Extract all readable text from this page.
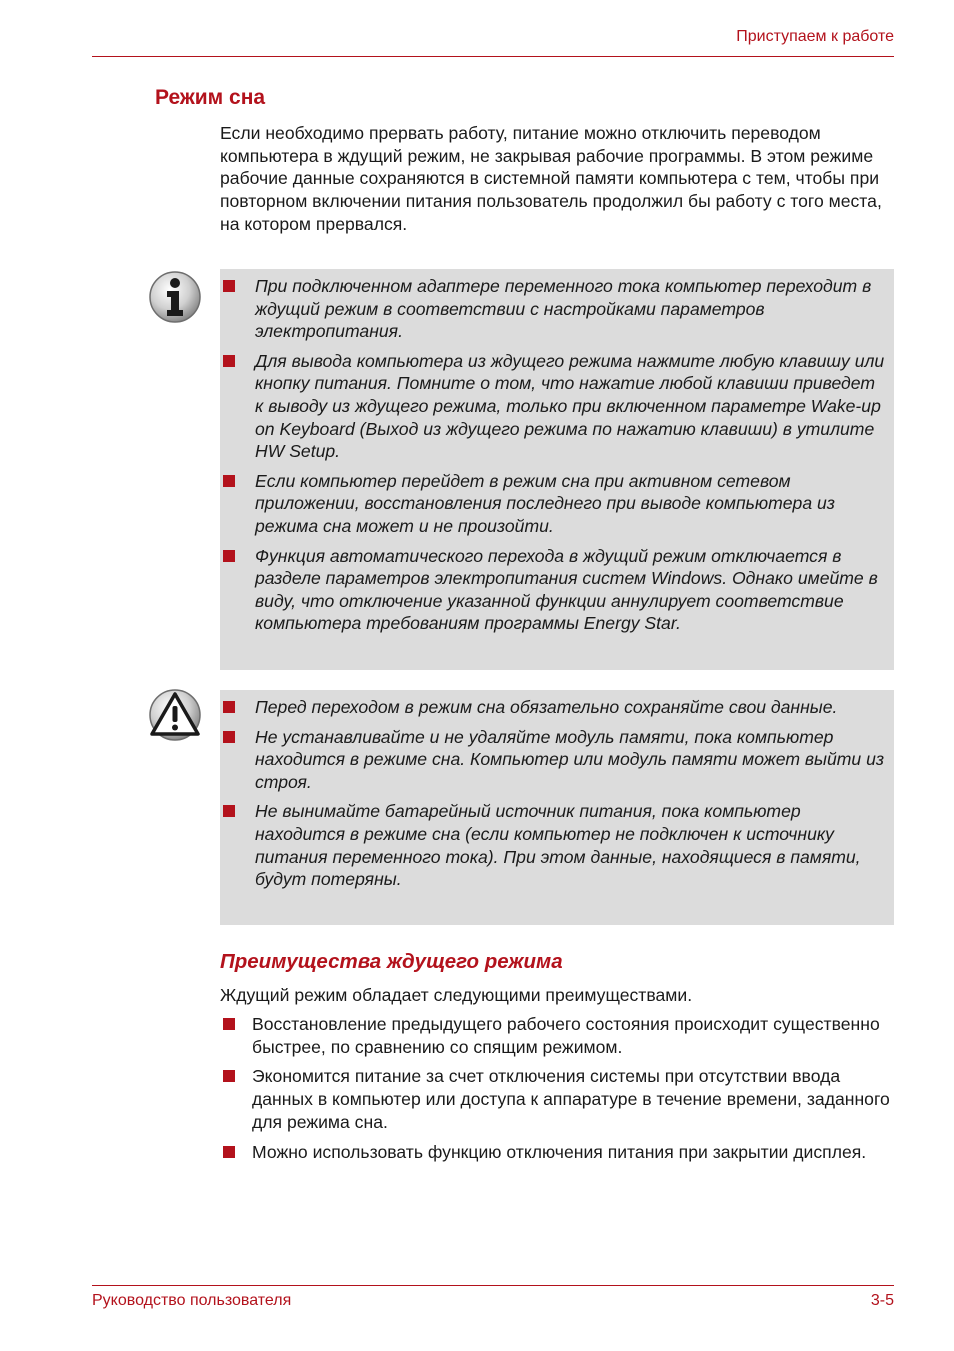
Приступаем к работе
Режим сна

Если необходимо прервать работу, питание можно отключить переводом компьютера в ждущий режим, не закрывая рабочие программы. В этом режиме рабочие данные сохраняются в системной памяти компьютера с тем, чтобы при повторном включении питания пользователь продолжил бы работу с того места, на котором прервался.

При подключенном адаптере переменного тока компьютер переходит в ждущий режим в соответствии с настройками параметров электропитания.
Для вывода компьютера из ждущего режима нажмите любую клавишу или кнопку питания. Помните о том, что нажатие любой клавиши приведет к выводу из ждущего режима, только при включенном параметре Wake-up on Keyboard (Выход из ждущего режима по нажатию клавиши) в утилите HW Setup.
Если компьютер перейдет в режим сна при активном сетевом приложении, восстановления последнего при выводе компьютера из режима сна может и не произойти.
Функция автоматического перехода в ждущий режим отключается в разделе параметров электропитания систем Windows. Однако имейте в виду, что отключение указанной функции аннулирует соответствие компьютера требованиям программы Energy Star.
Перед переходом в режим сна обязательно сохраняйте свои данные.
Не устанавливайте и не удаляйте модуль памяти, пока компьютер находится в режиме сна. Компьютер или модуль памяти может выйти из строя.
Не вынимайте батарейный источник питания, пока компьютер находится в режиме сна (если компьютер не подключен к источнику питания переменного тока). При этом данные, находящиеся в памяти, будут потеряны.
Преимущества ждущего режима

Ждущий режим обладает следующими преимуществами.

Восстановление предыдущего рабочего состояния происходит существенно быстрее, по сравнению со спящим режимом.
Экономится питание за счет отключения системы при отсутствии ввода данных в компьютер или доступа к аппаратуре в течение времени, заданного для режима сна.
Можно использовать функцию отключения питания при закрытии дисплея.
Руководство пользователя	3-5
